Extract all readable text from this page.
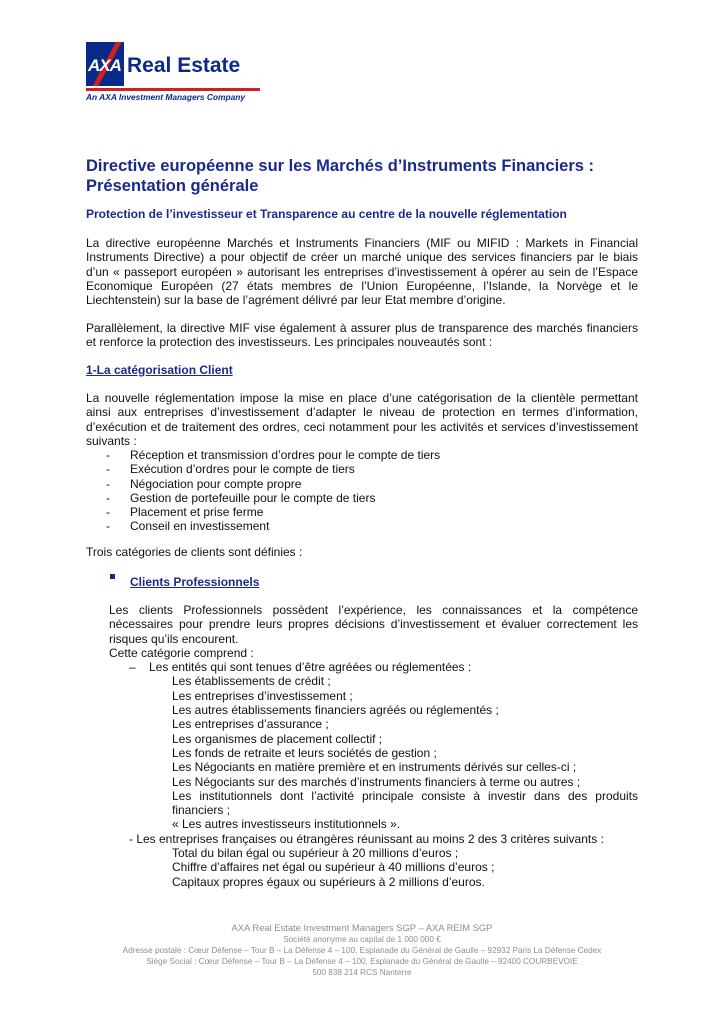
AXA Real Estate
An AXA Investment Managers Company
Directive européenne sur les Marchés d’Instruments Financiers : Présentation générale
Protection de l’investisseur et Transparence au centre de la nouvelle réglementation

La directive européenne Marchés et Instruments Financiers (MIF ou MIFID : Markets in Financial Instruments Directive) a pour objectif de créer un marché unique des services financiers par le biais d’un « passeport européen » autorisant les entreprises d’investissement à opérer au sein de l’Espace Economique Européen (27 états membres de l’Union Européenne, l’Islande, la Norvège et le Liechtenstein) sur la base de l’agrément délivré par leur Etat membre d’origine.

Parallèlement, la directive MIF vise également à assurer plus de transparence des marchés financiers et renforce la protection des investisseurs. Les principales nouveautés sont :

1-La catégorisation Client

La nouvelle réglementation impose la mise en place d’une catégorisation de la clientèle permettant ainsi aux entreprises d’investissement d’adapter le niveau de protection en termes d’information, d’exécution et de traitement des ordres, ceci notamment pour les activités et services d’investissement suivants :

- Réception et transmission d’ordres pour le compte de tiers
- Exécution d’ordres pour le compte de tiers
- Négociation pour compte propre
- Gestion de portefeuille pour le compte de tiers
- Placement et prise ferme
- Conseil en investissement

Trois catégories de clients sont définies :

Clients Professionnels

Les clients Professionnels possèdent l’expérience, les connaissances et la compétence nécessaires pour prendre leurs propres décisions d’investissement et évaluer correctement les risques qu’ils encourent.

Cette catégorie comprend :

–    Les entités qui sont tenues d’être agréées ou réglementées :

Les établissements de crédit ;

Les entreprises d’investissement ;

Les autres établissements financiers agréés ou réglementés ;

Les entreprises d’assurance ;

Les organismes de placement collectif ;

Les fonds de retraite et leurs sociétés de gestion ;

Les Négociants en matière première et en instruments dérivés sur celles-ci ;

Les Négociants sur des marchés d’instruments financiers à terme ou autres ;

Les institutionnels dont l’activité principale consiste à investir dans des produits financiers ;

« Les autres investisseurs institutionnels ».

- Les entreprises françaises ou étrangères réunissant au moins 2 des 3 critères suivants :

Total du bilan égal ou supérieur à 20 millions d’euros ;

Chiffre d’affaires net égal ou supérieur à 40 millions d’euros ;

Capitaux propres égaux ou supérieurs à 2 millions d’euros.

AXA Real Estate Investment Managers SGP – AXA REIM SGP
Société anonyme au capital de 1 000 000 €
Adresse postale : Cœur Défense – Tour B – La Défense 4 – 100, Esplanade du Général de Gaulle – 92932 Paris La Défense Cedex
Siège Social : Cœur Défense – Tour B – La Défense 4 – 100, Esplanade du Général de Gaulle – 92400 COURBEVOIE
500 838 214 RCS Nanterre
